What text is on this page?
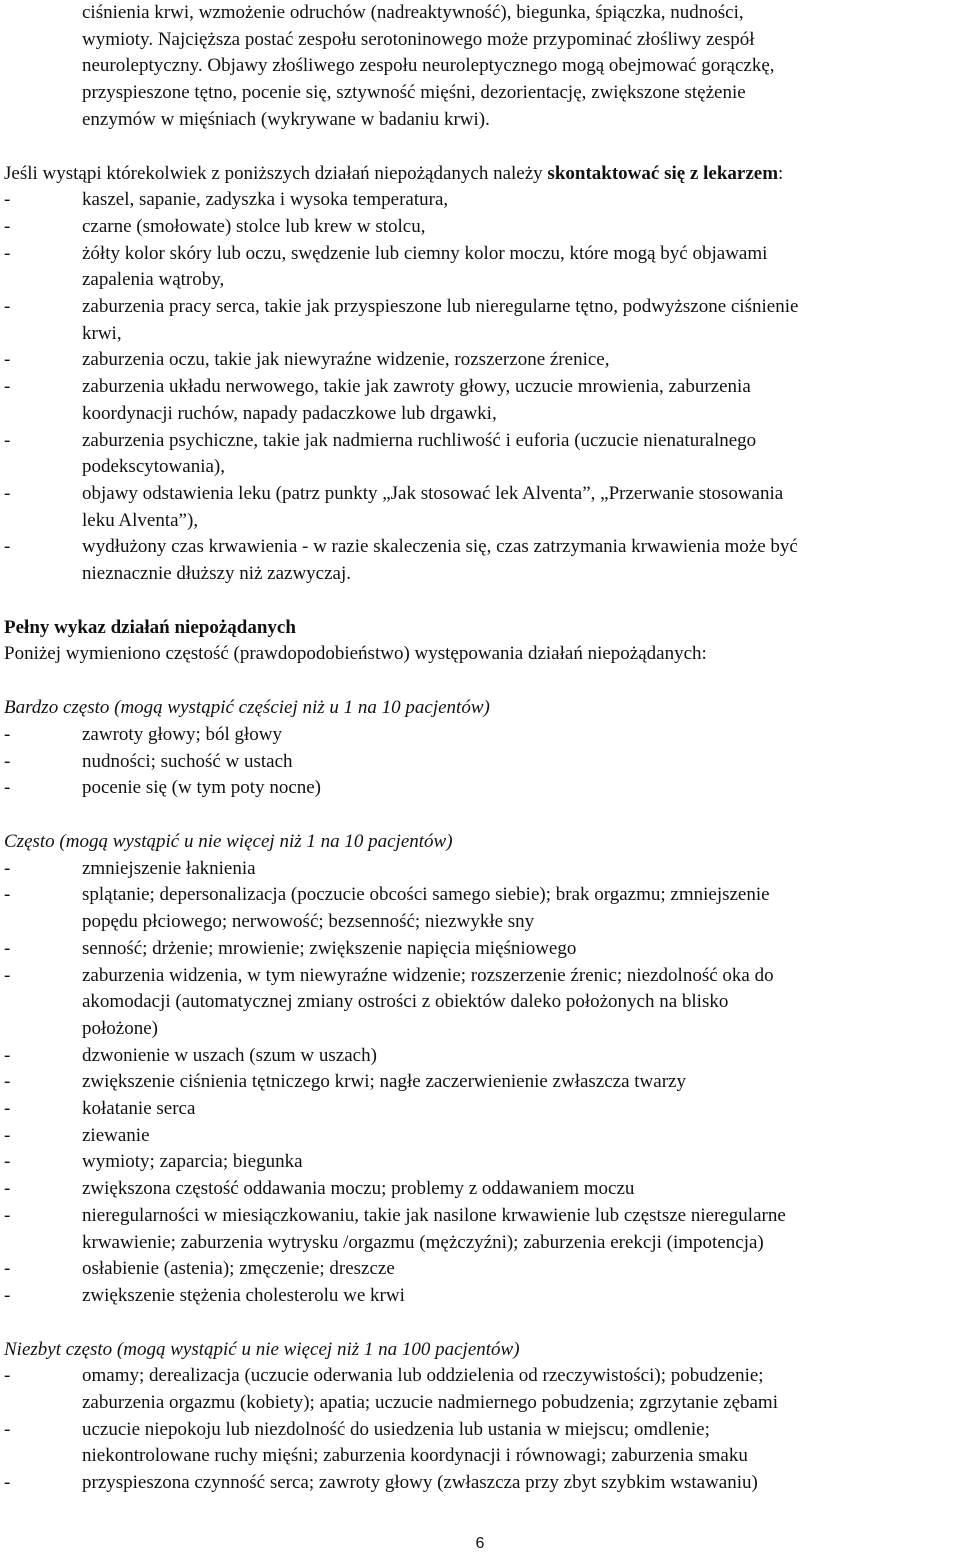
ciśnienia krwi, wzmożenie odruchów (nadreaktywność), biegunka, śpiączka, nudności,

wymioty. Najcięższa postać zespołu serotoninowego może przypominać złośliwy zespół

neuroleptyczny. Objawy złośliwego zespołu neuroleptycznego mogą obejmować gorączkę,

przyspieszone tętno, pocenie się, sztywność mięśni, dezorientację, zwiększone stężenie

enzymów w mięśniach (wykrywane w badaniu krwi).

Jeśli wystąpi którekolwiek z poniższych działań niepożądanych należy skontaktować się z lekarzem:

-	kaszel, sapanie, zadyszka i wysoka temperatura,

-	czarne (smołowate) stolce lub krew w stolcu,

-	żółty kolor skóry lub oczu, swędzenie lub ciemny kolor moczu, które mogą być objawami

zapalenia wątroby,

-	zaburzenia pracy serca, takie jak przyspieszone lub nieregularne tętno, podwyższone ciśnienie

krwi,

-	zaburzenia oczu, takie jak niewyraźne widzenie, rozszerzone źrenice,

-	zaburzenia układu nerwowego, takie jak zawroty głowy, uczucie mrowienia, zaburzenia

koordynacji ruchów, napady padaczkowe lub drgawki,

-	zaburzenia psychiczne, takie jak nadmierna ruchliwość i euforia (uczucie nienaturalnego

podekscytowania),

-	objawy odstawienia leku (patrz punkty „Jak stosować lek Alventa”, „Przerwanie stosowania

leku Alventa”),

-	wydłużony czas krwawienia - w razie skaleczenia się, czas zatrzymania krwawienia może być

nieznacznie dłuższy niż zazwyczaj.

Pełny wykaz działań niepożądanych

Poniżej wymieniono częstość (prawdopodobieństwo) występowania działań niepożądanych:

Bardzo często (mogą wystąpić częściej niż u 1 na 10 pacjentów)

-	zawroty głowy; ból głowy

-	nudności; suchość w ustach

-	pocenie się (w tym poty nocne)

Często (mogą wystąpić u nie więcej niż 1 na 10 pacjentów)

-	zmniejszenie łaknienia

-	splątanie; depersonalizacja (poczucie obcości samego siebie); brak orgazmu; zmniejszenie

popędu płciowego; nerwowość; bezsenność; niezwykłe sny

-	senność; drżenie; mrowienie; zwiększenie napięcia mięśniowego

-	zaburzenia widzenia, w tym niewyraźne widzenie; rozszerzenie źrenic; niezdolność oka do

akomodacji (automatycznej zmiany ostrości z obiektów daleko położonych na blisko

położone)

-	dzwonienie w uszach (szum w uszach)

-	zwiększenie ciśnienia tętniczego krwi; nagłe zaczerwienienie zwłaszcza twarzy

-	kołatanie serca

-	ziewanie

-	wymioty; zaparcia; biegunka

-	zwiększona częstość oddawania moczu; problemy z oddawaniem moczu

-	nieregularności w miesiączkowaniu, takie jak nasilone krwawienie lub częstsze nieregularne

krwawienie; zaburzenia wytrysku /orgazmu (mężczyźni); zaburzenia erekcji (impotencja)

-	osłabienie (astenia); zmęczenie; dreszcze

-	zwiększenie stężenia cholesterolu we krwi

Niezbyt często (mogą wystąpić u nie więcej niż 1 na 100 pacjentów)

-	omamy; derealizacja (uczucie oderwania lub oddzielenia od rzeczywistości); pobudzenie;

zaburzenia orgazmu (kobiety); apatia; uczucie nadmiernego pobudzenia; zgrzytanie zębami

-	uczucie niepokoju lub niezdolność do usiedzenia lub ustania w miejscu; omdlenie;

niekontrolowane ruchy mięśni; zaburzenia koordynacji i równowagi; zaburzenia smaku

-	przyspieszona czynność serca; zawroty głowy (zwłaszcza przy zbyt szybkim wstawaniu)

6
